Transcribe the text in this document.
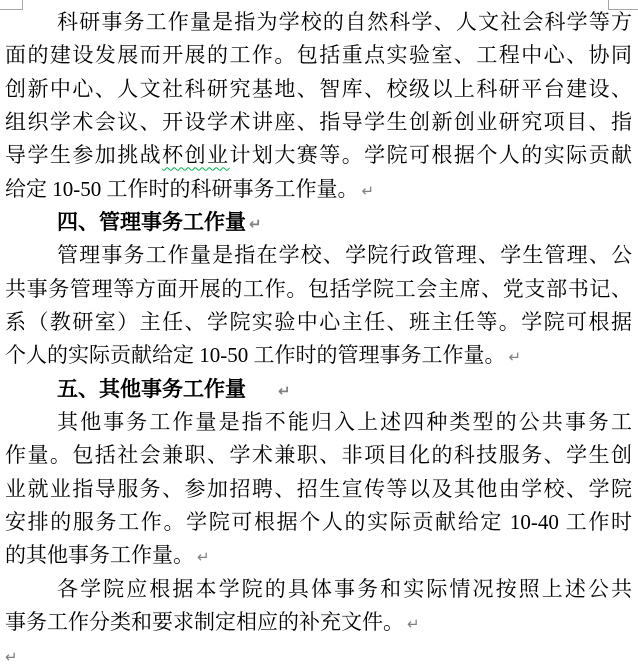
科研事务工作量是指为学校的自然科学、人文社会科学等方
面的建设发展而开展的工作。包括重点实验室、工程中心、协同
创新中心、人文社科研究基地、智库、校级以上科研平台建设、
组织学术会议、开设学术讲座、指导学生创新创业研究项目、指
导学生参加挑战杯创业计划大赛等。学院可根据个人的实际贡献
给定 10-50 工作时的科研事务工作量。 ↵
四、管理事务工作量 ↵
管理事务工作量是指在学校、学院行政管理、学生管理、公
共事务管理等方面开展的工作。包括学院工会主席、党支部书记、
系（教研室）主任、学院实验中心主任、班主任等。学院可根据
个人的实际贡献给定 10-50 工作时的管理事务工作量。 ↵
五、其他事务工作量 ↵
其他事务工作量是指不能归入上述四种类型的公共事务工
作量。包括社会兼职、学术兼职、非项目化的科技服务、学生创
业就业指导服务、参加招聘、招生宣传等以及其他由学校、学院
安排的服务工作。学院可根据个人的实际贡献给定 10-40 工作时
的其他事务工作量。 ↵
各学院应根据本学院的具体事务和实际情况按照上述公共
事务工作分类和要求制定相应的补充文件。 ↵
↵
